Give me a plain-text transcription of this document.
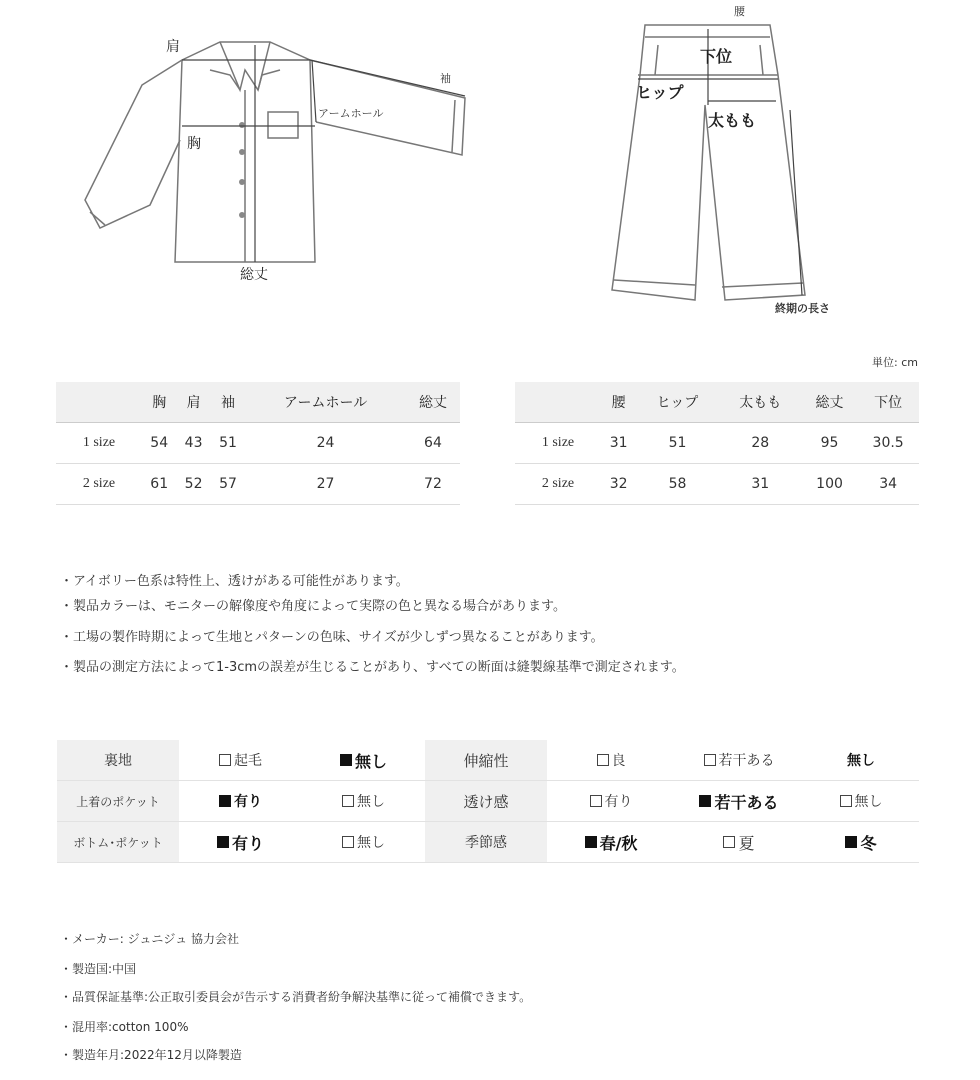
肩
袖
アームホール
胸
総丈
腰
下位
ヒップ
太もも
終期の長さ
単位: cm
	胸	肩	袖	アームホール	総丈
1 size	54	43	51	24	64
2 size	61	52	57	27	72
	腰	ヒップ	太もも	総丈	下位
1 size	31	51	28	95	30.5
2 size	32	58	31	100	34
・アイボリー色系は特性上、透けがある可能性があります。
・製品カラーは、モニターの解像度や角度によって実際の色と異なる場合があります。
・工場の製作時期によって生地とパターンの色味、サイズが少しずつ異なることがあります。
・製品の測定方法によって1-3cmの誤差が生じることがあり、すべての断面は縫製線基準で測定されます。
裏地	起毛	無し	伸縮性	良	若干ある	無し
上着のポケット	有り	無し	透け感	有り	若干ある	無し

ボトム･ポケット	有り	無し	季節感	春/秋	夏	冬
・メーカー: ジュニジュ 協力会社
・製造国:中国
・品質保証基準:公正取引委員会が告示する消費者紛争解決基準に従って補償できます。
・混用率:cotton 100%
・製造年月:2022年12月以降製造
